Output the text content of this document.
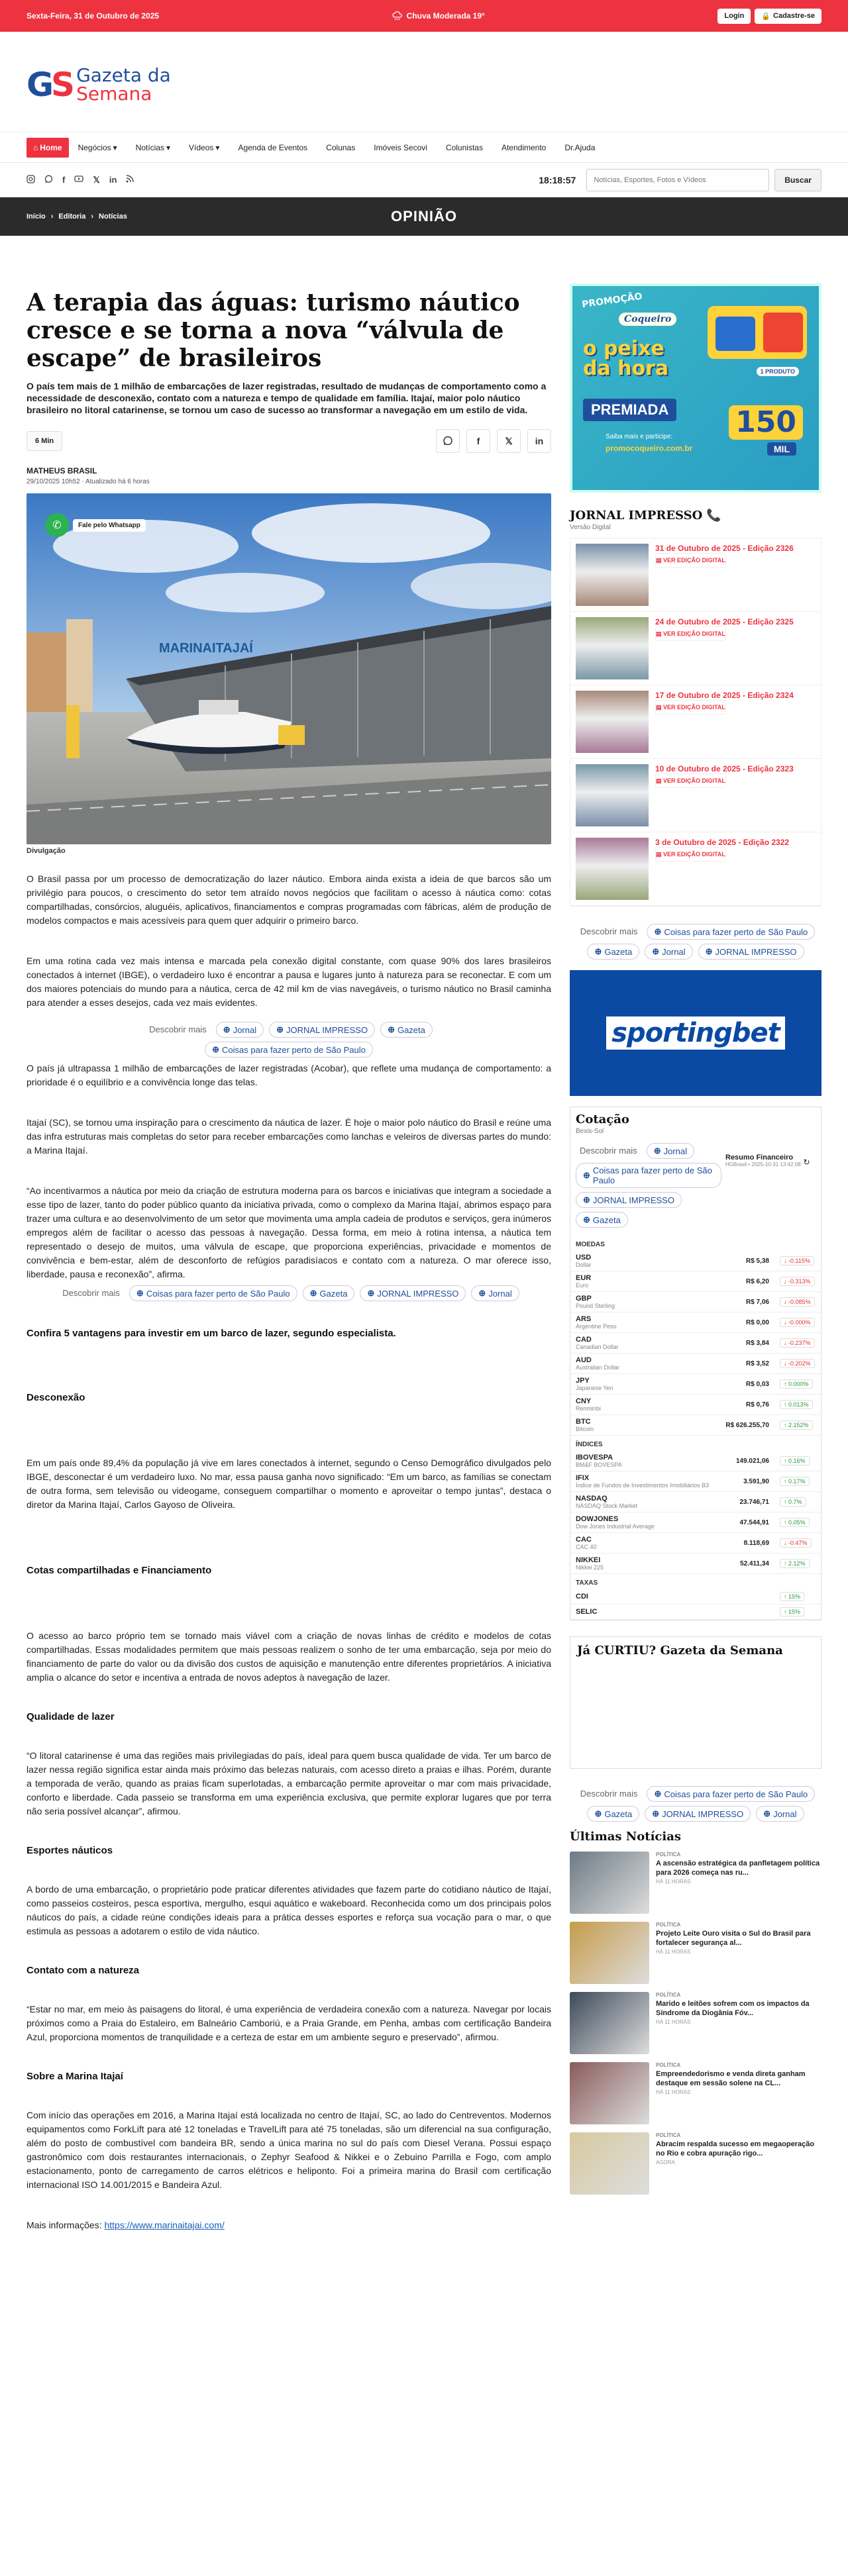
Sexta-Feira, 31 de Outubro de 2025	Chuva Moderada 19°	Login	🔒 Cadastre-se
GS Gazeta da
Semana
⌂ Home Negócios ▾ Notícias ▾ Vídeos ▾ Agenda de Eventos Colunas Imóveis Secovi Colunistas Atendimento Dr.Ajuda
f	𝕏 in	18:18:57
Notícias, Esportes, Fotos e Vídeos	Buscar
Início › Editoria › Notícias	OPINIÃO
A terapia das águas: turismo náutico cresce e se torna a nova “válvula de escape” de brasileiros

O país tem mais de 1 milhão de embarcações de lazer registradas, resultado de mudanças de comportamento como a necessidade de desconexão, contato com a natureza e tempo de qualidade em família. Itajaí, maior polo náutico brasileiro no litoral catarinense, se tornou um caso de sucesso ao transformar a navegação em um estilo de vida.

6 Min	f	𝕏	in
MATHEUS BRASIL
29/10/2025 10h52 · Atualizado há 6 horas
MARINAITAJAÍ
✆	Fale pelo Whatsapp
Divulgação

O Brasil passa por um processo de democratização do lazer náutico. Embora ainda exista a ideia de que barcos são um privilégio para poucos, o crescimento do setor tem atraído novos negócios que facilitam o acesso à náutica como: cotas compartilhadas, consórcios, aluguéis, aplicativos, financiamentos e compras programadas com fábricas, além de produção de modelos compactos e mais acessíveis para quem quer adquirir o primeiro barco.

Em uma rotina cada vez mais intensa e marcada pela conexão digital constante, com quase 90% dos lares brasileiros conectados à internet (IBGE), o verdadeiro luxo é encontrar a pausa e lugares junto à natureza para se reconectar. E com um dos maiores potenciais do mundo para a náutica, cerca de 42 mil km de vias navegáveis, o turismo náutico no Brasil caminha para atender a esses desejos, cada vez mais evidentes.

Descobrir mais	⊕ Jornal ⊕ JORNAL IMPRESSO ⊕ Gazeta
⊕ Coisas para fazer perto de São Paulo

O país já ultrapassa 1 milhão de embarcações de lazer registradas (Acobar), que reflete uma mudança de comportamento: a prioridade é o equilíbrio e a convivência longe das telas.

Itajaí (SC), se tornou uma inspiração para o crescimento da náutica de lazer. É hoje o maior polo náutico do Brasil e reúne uma das infra estruturas mais completas do setor para receber embarcações como lanchas e veleiros de diversas partes do mundo: a Marina Itajaí.

“Ao incentivarmos a náutica por meio da criação de estrutura moderna para os barcos e iniciativas que integram a sociedade a esse tipo de lazer, tanto do poder público quanto da iniciativa privada, como o complexo da Marina Itajaí, abrimos espaço para trazer uma cultura e ao desenvolvimento de um setor que movimenta uma ampla cadeia de produtos e serviços, gera inúmeros empregos além de facilitar o acesso das pessoas à navegação. Dessa forma, em meio à rotina intensa, a náutica tem representado o desejo de muitos, uma válvula de escape, que proporciona experiências, privacidade e momentos de convivência e bem-estar, além de desconforto de refúgios paradisíacos e contato com a natureza. O mar oferece isso, liberdade, pausa e reconexão”, afirma.

Descobrir mais	⊕ Coisas para fazer perto de São Paulo ⊕ Gazeta ⊕ JORNAL IMPRESSO ⊕ Jornal
Confira 5 vantagens para investir em um barco de lazer, segundo especialista.
Desconexão

Em um país onde 89,4% da população já vive em lares conectados à internet, segundo o Censo Demográfico divulgados pelo IBGE, desconectar é um verdadeiro luxo. No mar, essa pausa ganha novo significado: “Em um barco, as famílias se conectam de outra forma, sem televisão ou videogame, conseguem compartilhar o momento e aproveitar o tempo juntas”, destaca o diretor da Marina Itajaí, Carlos Gayoso de Oliveira.

Cotas compartilhadas e Financiamento

O acesso ao barco próprio tem se tornado mais viável com a criação de novas linhas de crédito e modelos de cotas compartilhadas. Essas modalidades permitem que mais pessoas realizem o sonho de ter uma embarcação, seja por meio do financiamento de parte do valor ou da divisão dos custos de aquisição e manutenção entre diferentes proprietários. A iniciativa amplia o alcance do setor e incentiva a entrada de novos adeptos à navegação de lazer.

Qualidade de lazer

“O litoral catarinense é uma das regiões mais privilegiadas do país, ideal para quem busca qualidade de vida. Ter um barco de lazer nessa região significa estar ainda mais próximo das belezas naturais, com acesso direto a praias e ilhas. Porém, durante a temporada de verão, quando as praias ficam superlotadas, a embarcação permite aproveitar o mar com mais privacidade, conforto e liberdade. Cada passeio se transforma em uma experiência exclusiva, que permite explorar lugares que por terra não seria possível alcançar”, afirmou.

Esportes náuticos

A bordo de uma embarcação, o proprietário pode praticar diferentes atividades que fazem parte do cotidiano náutico de Itajaí, como passeios costeiros, pesca esportiva, mergulho, esqui aquático e wakeboard. Reconhecida como um dos principais polos náuticos do país, a cidade reúne condições ideais para a prática desses esportes e reforça sua vocação para o mar, o que estimula as pessoas a adotarem o estilo de vida náutico.

Contato com a natureza

“Estar no mar, em meio às paisagens do litoral, é uma experiência de verdadeira conexão com a natureza. Navegar por locais próximos como a Praia do Estaleiro, em Balneário Camboriú, e a Praia Grande, em Penha, ambas com certificação Bandeira Azul, proporciona momentos de tranquilidade e a certeza de estar em um ambiente seguro e preservado”, afirmou.

Sobre a Marina Itajaí

Com início das operações em 2016, a Marina Itajaí está localizada no centro de Itajaí, SC, ao lado do Centreventos. Modernos equipamentos como ForkLift para até 12 toneladas e TravelLift para até 75 toneladas, são um diferencial na sua configuração, além do posto de combustível com bandeira BR, sendo a única marina no sul do país com Diesel Verana. Possui espaço gastronômico com dois restaurantes internacionais, o Zephyr Seafood & Nikkei e o Zebuino Parrilla e Fogo, com amplo estacionamento, ponto de carregamento de carros elétricos e heliponto. Foi a primeira marina do Brasil com certificação internacional ISO 14.001/2015 e Bandeira Azul.

Mais informações: https://www.marinaitajai.com/

PROMOÇÃO
Coqueiro
o peixe da hora
PREMIADA
Saiba mais e participe:
promocoqueiro.com.br
1 PRODUTO
150
MIL
JORNAL IMPRESSO 📞
Versão Digital
31 de Outubro de 2025 - Edição 2326
▤ VER EDIÇÃO DIGITAL
24 de Outubro de 2025 - Edição 2325
▤ VER EDIÇÃO DIGITAL
17 de Outubro de 2025 - Edição 2324
▤ VER EDIÇÃO DIGITAL
10 de Outubro de 2025 - Edição 2323
▤ VER EDIÇÃO DIGITAL
3 de Outubro de 2025 - Edição 2322
▤ VER EDIÇÃO DIGITAL
Descobrir mais	⊕ Coisas para fazer perto de São Paulo
⊕ Gazeta ⊕ Jornal ⊕ JORNAL IMPRESSO
sportingbet
Cotação
Bexis-Sol
Descobrir mais	⊕ Jornal
⊕ Coisas para fazer perto de São Paulo
⊕ JORNAL IMPRESSO
⊕ Gazeta
Resumo Financeiro
HGBrasil • 2025-10-31 13:42:08 ↻
MOEDAS
USD
Dollar	R$ 5,38	↓ -0.115%

EUR
Euro	R$ 6,20	↓ -0.313%

GBP
Pound Sterling	R$ 7,06	↓ -0.085%

ARS
Argentine Peso	R$ 0,00	↓ -0.000%

CAD
Canadian Dollar	R$ 3,84	↓ -0.237%

AUD
Australian Dollar	R$ 3,52	↓ -0.202%

JPY
Japanese Yen	R$ 0,03	↑ 0.000%

CNY
Renminbi	R$ 0,76	↑ 0.013%

BTC
Bitcoin	R$ 626.255,70	↑ 2.152%
ÍNDICES
IBOVESPA
BM&F BOVESPA	149.021,06	↑ 0.16%

IFIX
Índice de Fundos de Investimentos Imobiliários B3	3.591,90	↑ 0.17%

NASDAQ
NASDAQ Stock Market	23.746,71	↑ 0.7%

DOWJONES
Dow Jones Industrial Average	47.544,91	↑ 0.05%

CAC
CAC 40	8.118,69	↓ -0.47%

NIKKEI
Nikkei 225	52.411,34	↑ 2.12%
TAXAS
CDI		↑ 15%

SELIC		↑ 15%
Já CURTIU? Gazeta da Semana
Descobrir mais	⊕ Coisas para fazer perto de São Paulo
⊕ Gazeta ⊕ JORNAL IMPRESSO ⊕ Jornal
Últimas Notícias
POLÍTICA
A ascensão estratégica da panfletagem política para 2026 começa nas ru...
HÁ 11 HORAS
POLÍTICA
Projeto Leite Ouro visita o Sul do Brasil para fortalecer segurança al...
HÁ 11 HORAS
POLÍTICA
Marido e leitões sofrem com os impactos da Síndrome da Diogânia Fóv...
HÁ 11 HORAS
POLÍTICA
Empreendedorismo e venda direta ganham destaque em sessão solene na CL...
HÁ 11 HORAS
POLÍTICA
Abracim respalda sucesso em megaoperação no Rio e cobra apuração rigo...
AGORA
